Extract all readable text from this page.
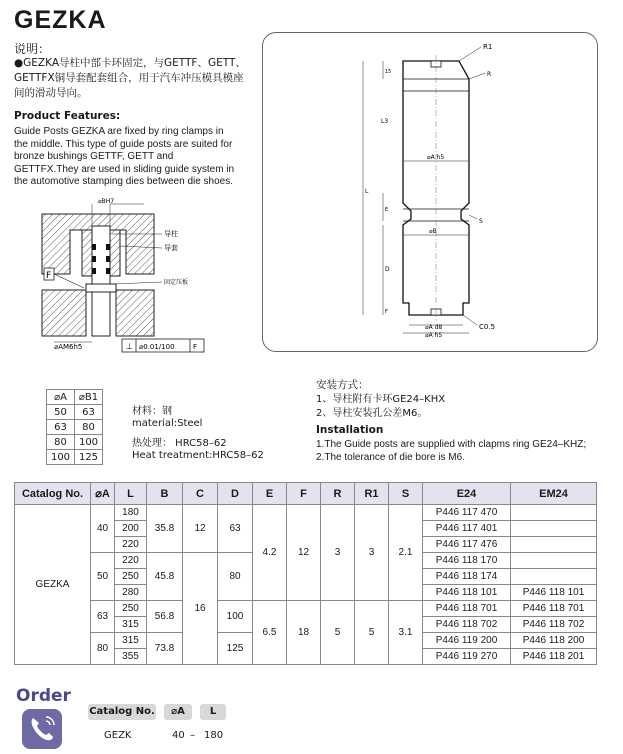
GEZKA
说明：
●GEZKA导柱中部卡环固定，与GETTF、GETT、GETTFX铜导套配套组合，用于汽车冲压模具模座间的滑动导向。
Product Features:
Guide Posts GEZKA are fixed by ring clamps in the middle. This type of guide posts are suited for bronze bushings GETTF, GETT and GETTFX.They are used in sliding guide system in the automotive stamping dies between die shoes.
F
⌀BH7
导柱
导套
固定压板
⌀AM6h5	⊥ ⌀0.01/100	F
L
15
L3
E
D
F
⌀A h5
⌀B
⌀A d8
⌀A h5
R1
R
S
C0.5
⌀A	⌀B1
50	63
63	80
80	100
100	125
材料：钢
material:Steel
热处理： HRC58–62
Heat treatment:HRC58–62
安装方式：
1、导柱附有卡环GE24–KHX
2、导柱安装孔公差M6。
Installation
1.The Guide posts are supplied with clapms ring GE24–KHZ;
2.The tolerance of die bore is M6.
Catalog No.	⌀A	L	B	C	D	E	F	R	R1	S	E24	EM24
GEZKA	40	180	35.8	12	63	4.2	12	3	3	2.1	P446 117 470	
		200									P446 117 401	
		220									P446 117 476	
	50	220	45.8	16	80						P446 118 170	
		250									P446 118 174	
		280									P446 118 101	P446 118 101
	63	250	56.8		100	6.5	18	5	5	3.1	P446 118 701	P446 118 701
		315									P446 118 702	P446 118 702
	80	315	73.8		125						P446 119 200	P446 118 200
		355									P446 119 270	P446 118 201
Order
Catalog No.	⌀A	L
GEZK	40 – 180
